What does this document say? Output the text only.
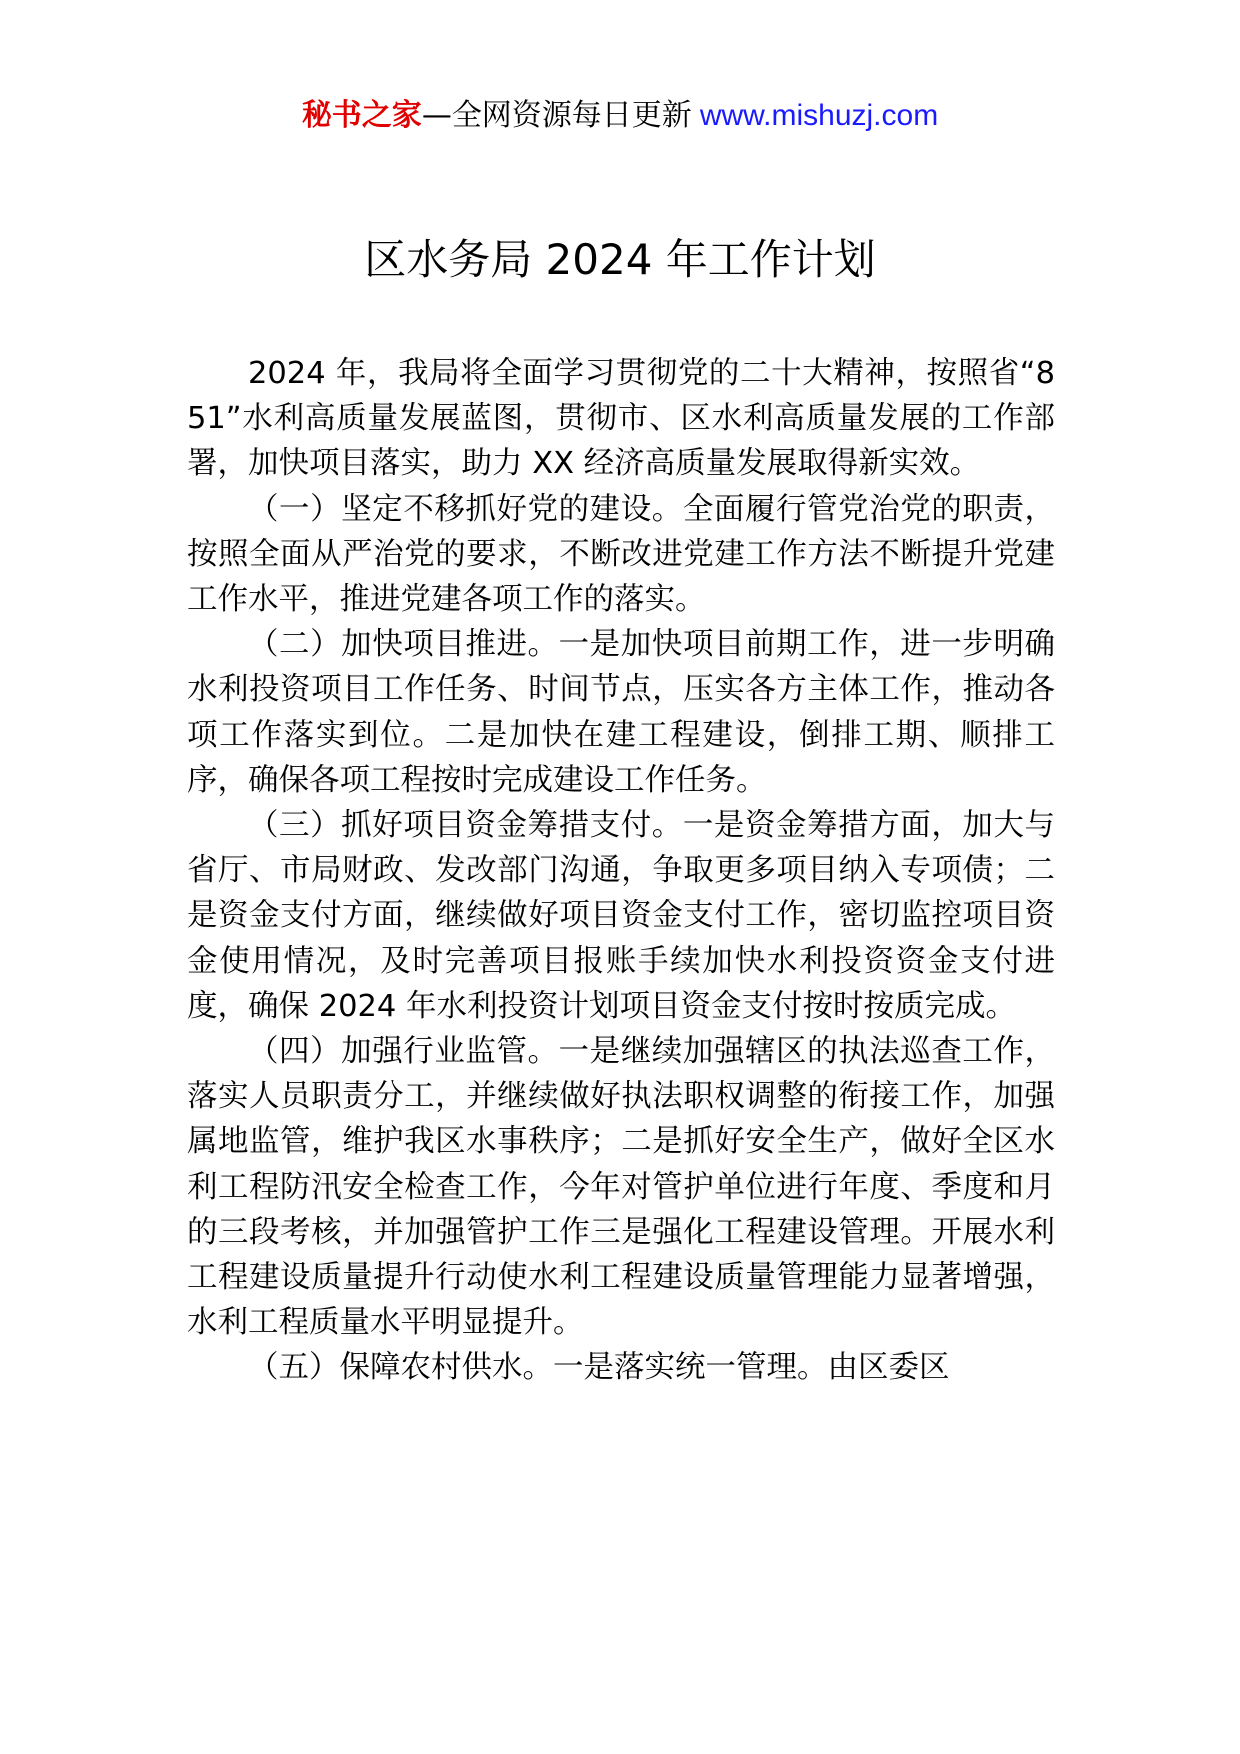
秘书之家—全网资源每日更新 www.mishuzj.com
区水务局 2024 年工作计划

2024 年，我局将全面学习贯彻党的二十大精神，按照省“851”水利高质量发展蓝图，贯彻市、区水利高质量发展的工作部署，加快项目落实，助力 XX 经济高质量发展取得新实效。

（一）坚定不移抓好党的建设。全面履行管党治党的职责，按照全面从严治党的要求，不断改进党建工作方法不断提升党建工作水平，推进党建各项工作的落实。

（二）加快项目推进。一是加快项目前期工作，进一步明确水利投资项目工作任务、时间节点，压实各方主体工作，推动各项工作落实到位。二是加快在建工程建设，倒排工期、顺排工序，确保各项工程按时完成建设工作任务。

（三）抓好项目资金筹措支付。一是资金筹措方面，加大与省厅、市局财政、发改部门沟通，争取更多项目纳入专项债；二是资金支付方面，继续做好项目资金支付工作，密切监控项目资金使用情况，及时完善项目报账手续加快水利投资资金支付进度，确保 2024 年水利投资计划项目资金支付按时按质完成。

（四）加强行业监管。一是继续加强辖区的执法巡查工作，落实人员职责分工，并继续做好执法职权调整的衔接工作，加强属地监管，维护我区水事秩序；二是抓好安全生产，做好全区水利工程防汛安全检查工作，今年对管护单位进行年度、季度和月的三段考核，并加强管护工作三是强化工程建设管理。开展水利工程建设质量提升行动使水利工程建设质量管理能力显著增强，水利工程质量水平明显提升。

（五）保障农村供水。一是落实统一管理。由区委区
